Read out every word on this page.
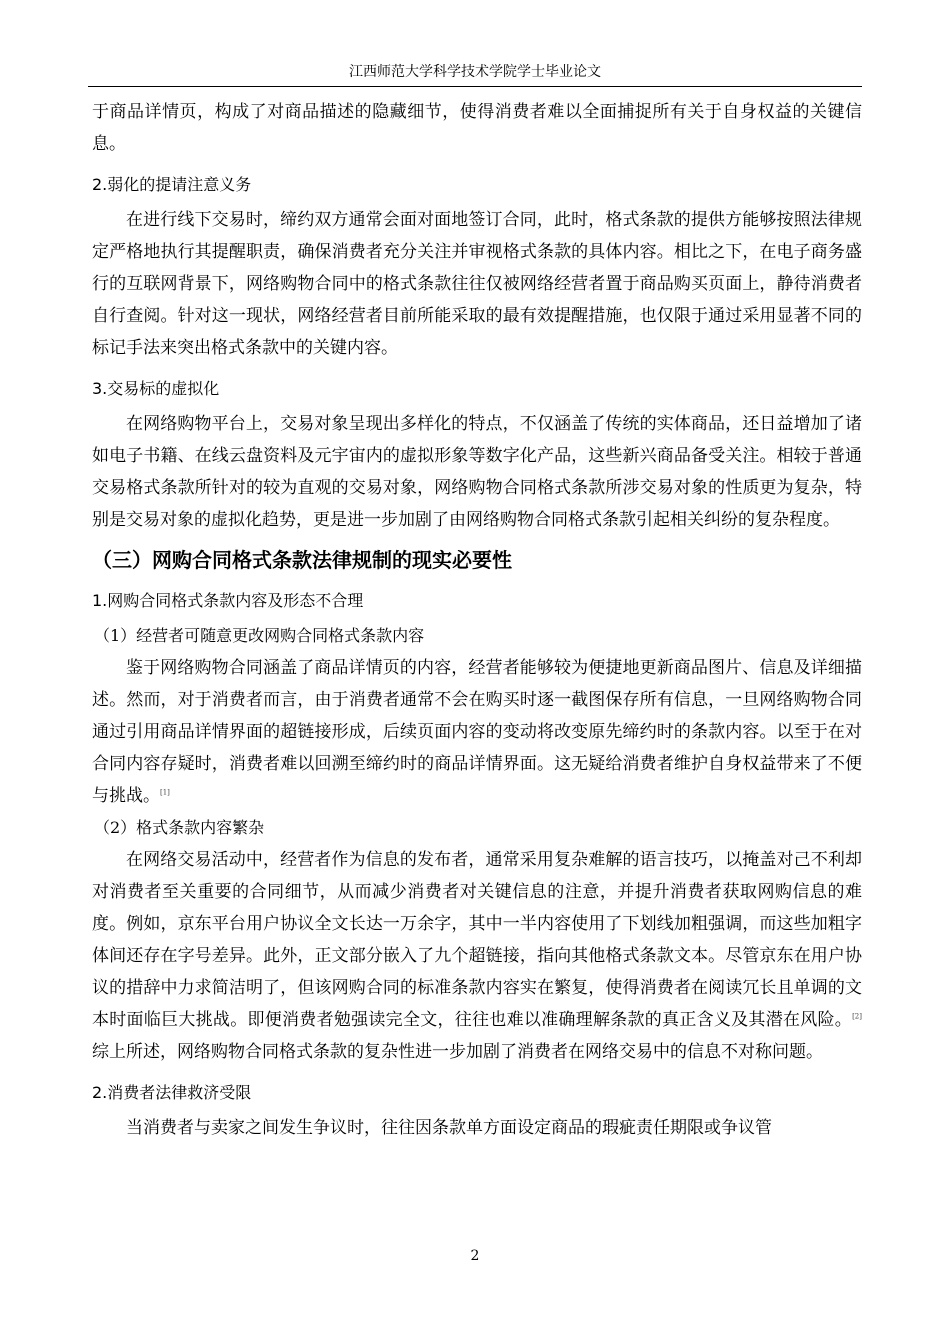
江西师范大学科学技术学院学士毕业论文

于商品详情页，构成了对商品描述的隐藏细节，使得消费者难以全面捕捉所有关于自身权益的关键信息。

2.弱化的提请注意义务

在进行线下交易时，缔约双方通常会面对面地签订合同，此时，格式条款的提供方能够按照法律规定严格地执行其提醒职责，确保消费者充分关注并审视格式条款的具体内容。相比之下，在电子商务盛行的互联网背景下，网络购物合同中的格式条款往往仅被网络经营者置于商品购买页面上，静待消费者自行查阅。针对这一现状，网络经营者目前所能采取的最有效提醒措施，也仅限于通过采用显著不同的标记手法来突出格式条款中的关键内容。

3.交易标的虚拟化

在网络购物平台上，交易对象呈现出多样化的特点，不仅涵盖了传统的实体商品，还日益增加了诸如电子书籍、在线云盘资料及元宇宙内的虚拟形象等数字化产品，这些新兴商品备受关注。相较于普通交易格式条款所针对的较为直观的交易对象，网络购物合同格式条款所涉交易对象的性质更为复杂，特别是交易对象的虚拟化趋势，更是进一步加剧了由网络购物合同格式条款引起相关纠纷的复杂程度。

（三）网购合同格式条款法律规制的现实必要性
1.网购合同格式条款内容及形态不合理
（1）经营者可随意更改网购合同格式条款内容

鉴于网络购物合同涵盖了商品详情页的内容，经营者能够较为便捷地更新商品图片、信息及详细描述。然而，对于消费者而言，由于消费者通常不会在购买时逐一截图保存所有信息，一旦网络购物合同通过引用商品详情界面的超链接形成，后续页面内容的变动将改变原先缔约时的条款内容。以至于在对合同内容存疑时，消费者难以回溯至缔约时的商品详情界面。这无疑给消费者维护自身权益带来了不便与挑战。[1]

（2）格式条款内容繁杂

在网络交易活动中，经营者作为信息的发布者，通常采用复杂难解的语言技巧，以掩盖对己不利却对消费者至关重要的合同细节，从而减少消费者对关键信息的注意，并提升消费者获取网购信息的难度。例如，京东平台用户协议全文长达一万余字，其中一半内容使用了下划线加粗强调，而这些加粗字体间还存在字号差异。此外，正文部分嵌入了九个超链接，指向其他格式条款文本。尽管京东在用户协议的措辞中力求简洁明了，但该网购合同的标准条款内容实在繁复，使得消费者在阅读冗长且单调的文本时面临巨大挑战。即便消费者勉强读完全文，往往也难以准确理解条款的真正含义及其潜在风险。[2]综上所述，网络购物合同格式条款的复杂性进一步加剧了消费者在网络交易中的信息不对称问题。

2.消费者法律救济受限

当消费者与卖家之间发生争议时，往往因条款单方面设定商品的瑕疵责任期限或争议管

2
